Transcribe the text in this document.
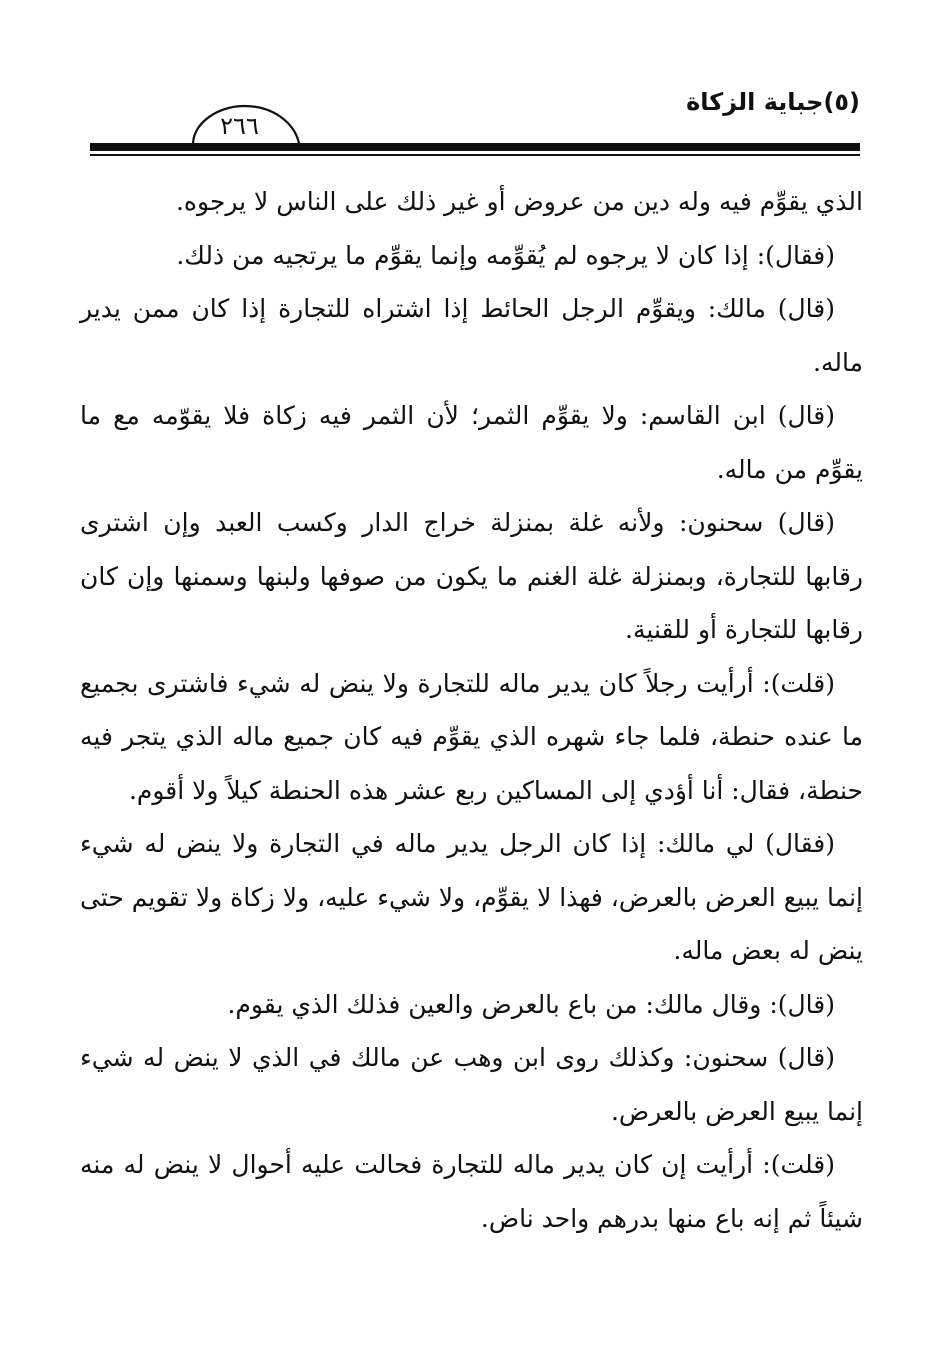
(٥)جباية الزكاة
٢٦٦

الذي يقوِّم فيه وله دين من عروض أو غير ذلك على الناس لا يرجوه.

(فقال): إذا كان لا يرجوه لم يُقوِّمه وإنما يقوِّم ما يرتجيه من ذلك.

(قال) مالك: ويقوِّم الرجل الحائط إذا اشتراه للتجارة إذا كان ممن يدير ماله.

(قال) ابن القاسم: ولا يقوِّم الثمر؛ لأن الثمر فيه زكاة فلا يقوّمه مع ما يقوِّم من ماله.

(قال) سحنون: ولأنه غلة بمنزلة خراج الدار وكسب العبد وإن اشترى رقابها للتجارة، وبمنزلة غلة الغنم ما يكون من صوفها ولبنها وسمنها وإن كان رقابها للتجارة أو للقنية.

(قلت): أرأيت رجلاً كان يدير ماله للتجارة ولا ينض له شيء فاشترى بجميع ما عنده حنطة، فلما جاء شهره الذي يقوِّم فيه كان جميع ماله الذي يتجر فيه حنطة، فقال: أنا أؤدي إلى المساكين ربع عشر هذه الحنطة كيلاً ولا أقوم.

(فقال) لي مالك: إذا كان الرجل يدير ماله في التجارة ولا ينض له شيء إنما يبيع العرض بالعرض، فهذا لا يقوِّم، ولا شيء عليه، ولا زكاة ولا تقويم حتى ينض له بعض ماله.

(قال): وقال مالك: من باع بالعرض والعين فذلك الذي يقوم.

(قال) سحنون: وكذلك روى ابن وهب عن مالك في الذي لا ينض له شيء إنما يبيع العرض بالعرض.

(قلت): أرأيت إن كان يدير ماله للتجارة فحالت عليه أحوال لا ينض له منه شيئاً ثم إنه باع منها بدرهم واحد ناض.
